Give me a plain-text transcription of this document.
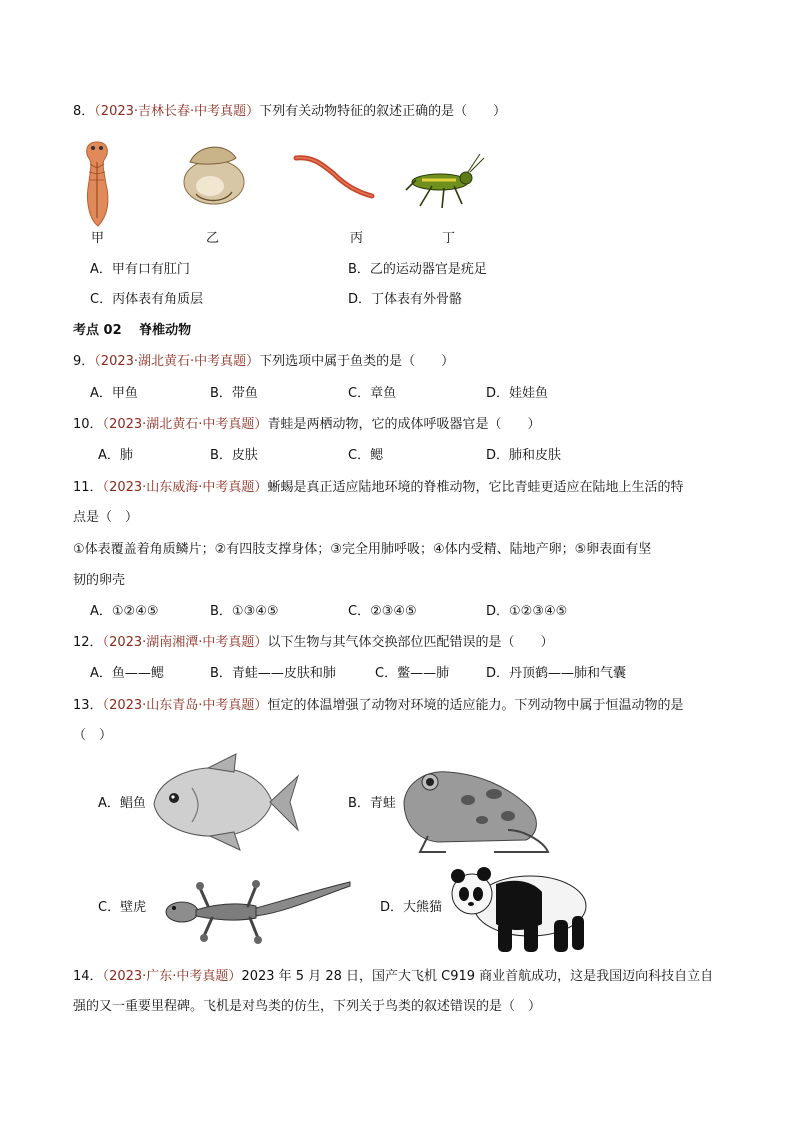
8．（2023·吉林长春·中考真题）下列有关动物特征的叙述正确的是（　　）
甲	乙	丙	丁
A．甲有口有肛门	B．乙的运动器官是疣足
C．丙体表有角质层	D．丁体表有外骨骼
考点 02　 脊椎动物
9．（2023·湖北黄石·中考真题）下列选项中属于鱼类的是（　　）
A．甲鱼	B．带鱼	C．章鱼	D．娃娃鱼
10．（2023·湖北黄石·中考真题）青蛙是两栖动物，它的成体呼吸器官是（　　）
A．肺	B．皮肤	C．鳃	D．肺和皮肤
11．（2023·山东威海·中考真题）蜥蜴是真正适应陆地环境的脊椎动物，它比青蛙更适应在陆地上生活的特
点是（　）
①体表覆盖着角质鳞片；②有四肢支撑身体；③完全用肺呼吸；④体内受精、陆地产卵；⑤卵表面有坚
韧的卵壳
A．①②④⑤	B．①③④⑤	C．②③④⑤	D．①②③④⑤
12．（2023·湖南湘潭·中考真题）以下生物与其气体交换部位匹配错误的是（　　）
A．鱼——鳃	B．青蛙——皮肤和肺	C．鳖——肺	D．丹顶鹤——肺和气囊
13．（2023·山东青岛·中考真题）恒定的体温增强了动物对环境的适应能力。下列动物中属于恒温动物的是
（　）
A．鲳鱼	B．青蛙
C．壁虎	D．大熊猫
14．（2023·广东·中考真题）2023 年 5 月 28 日，国产大飞机 C919 商业首航成功，这是我国迈向科技自立自
强的又一重要里程碑。飞机是对鸟类的仿生，下列关于鸟类的叙述错误的是（　）
